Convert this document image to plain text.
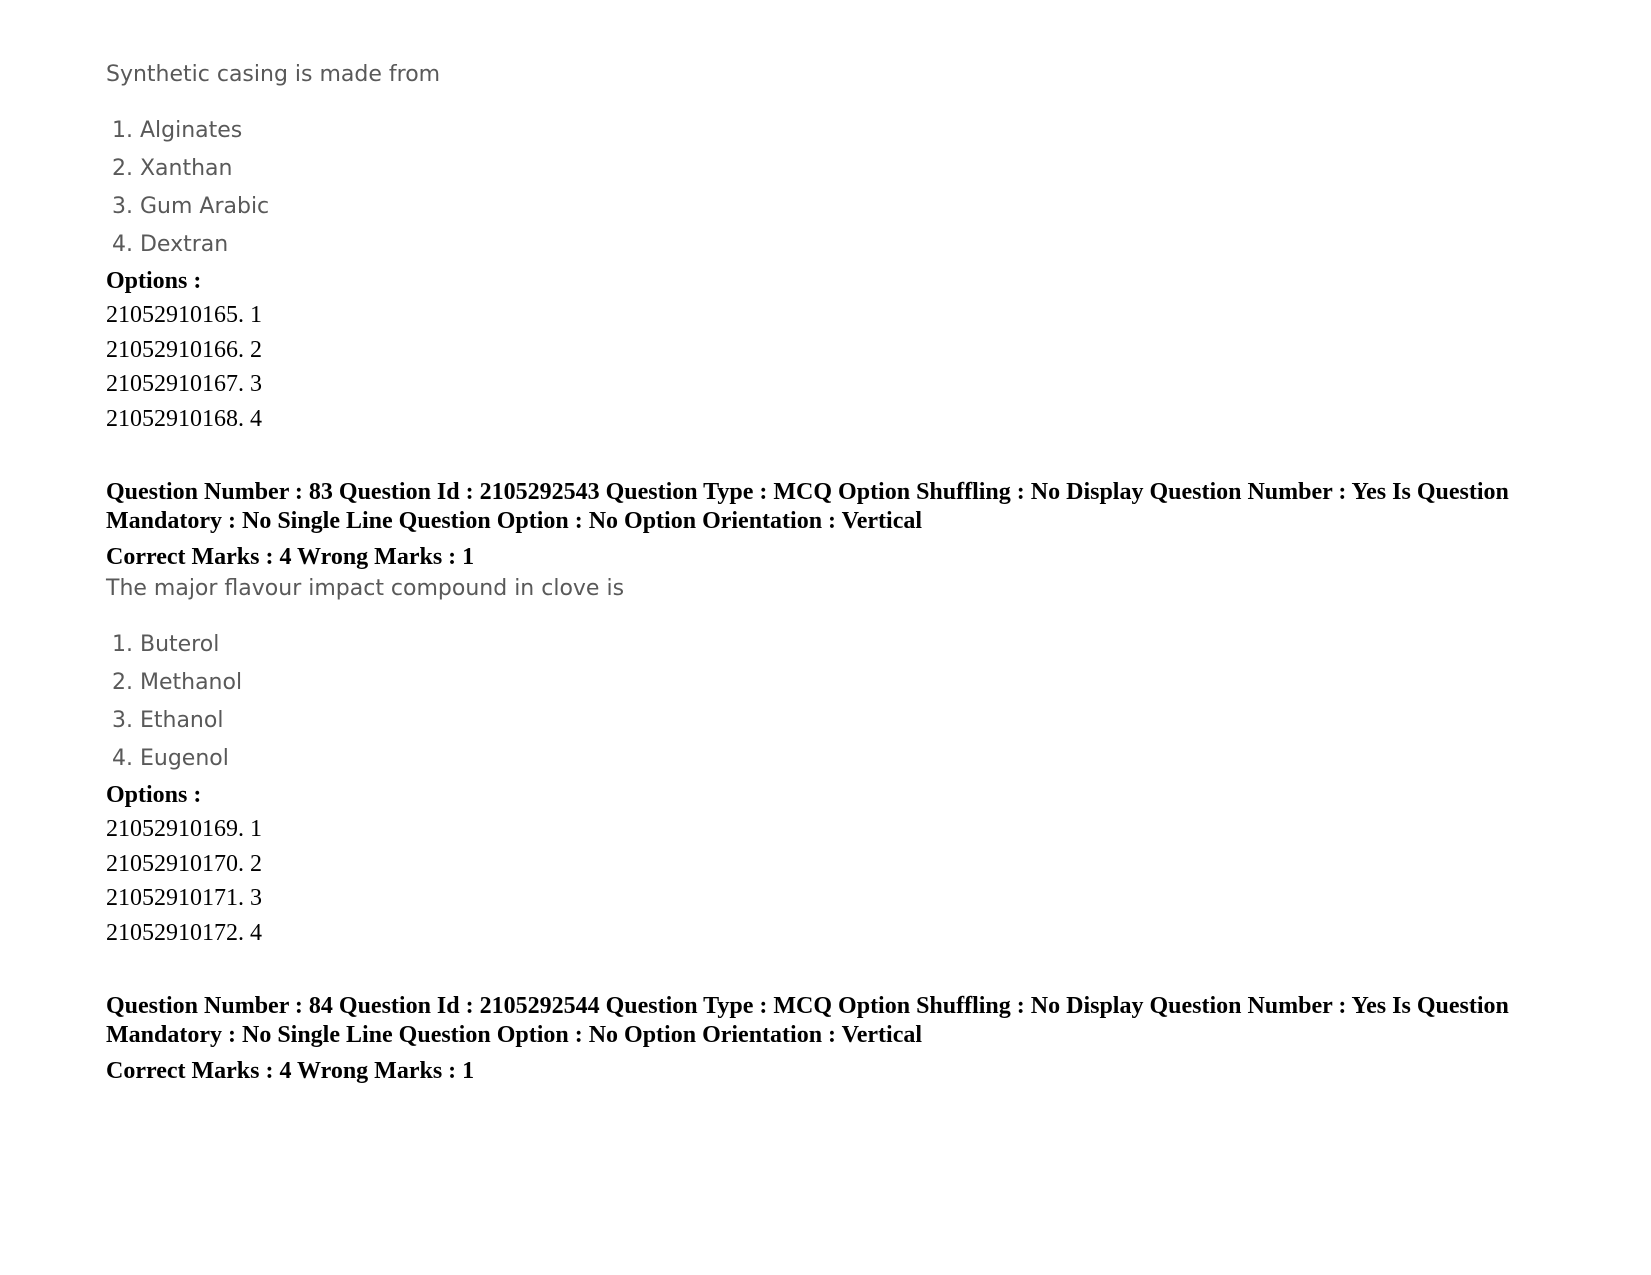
Synthetic casing is made from

1. Alginates
2. Xanthan
3. Gum Arabic
4. Dextran

Options :

21052910165. 1
21052910166. 2
21052910167. 3
21052910168. 4

Question Number : 83 Question Id : 2105292543 Question Type : MCQ Option Shuffling : No Display Question Number : Yes Is Question Mandatory : No Single Line Question Option : No Option Orientation : Vertical

Correct Marks : 4 Wrong Marks : 1

The major flavour impact compound in clove is

1. Buterol
2. Methanol
3. Ethanol
4. Eugenol

Options :

21052910169. 1
21052910170. 2
21052910171. 3
21052910172. 4

Question Number : 84 Question Id : 2105292544 Question Type : MCQ Option Shuffling : No Display Question Number : Yes Is Question Mandatory : No Single Line Question Option : No Option Orientation : Vertical

Correct Marks : 4 Wrong Marks : 1
